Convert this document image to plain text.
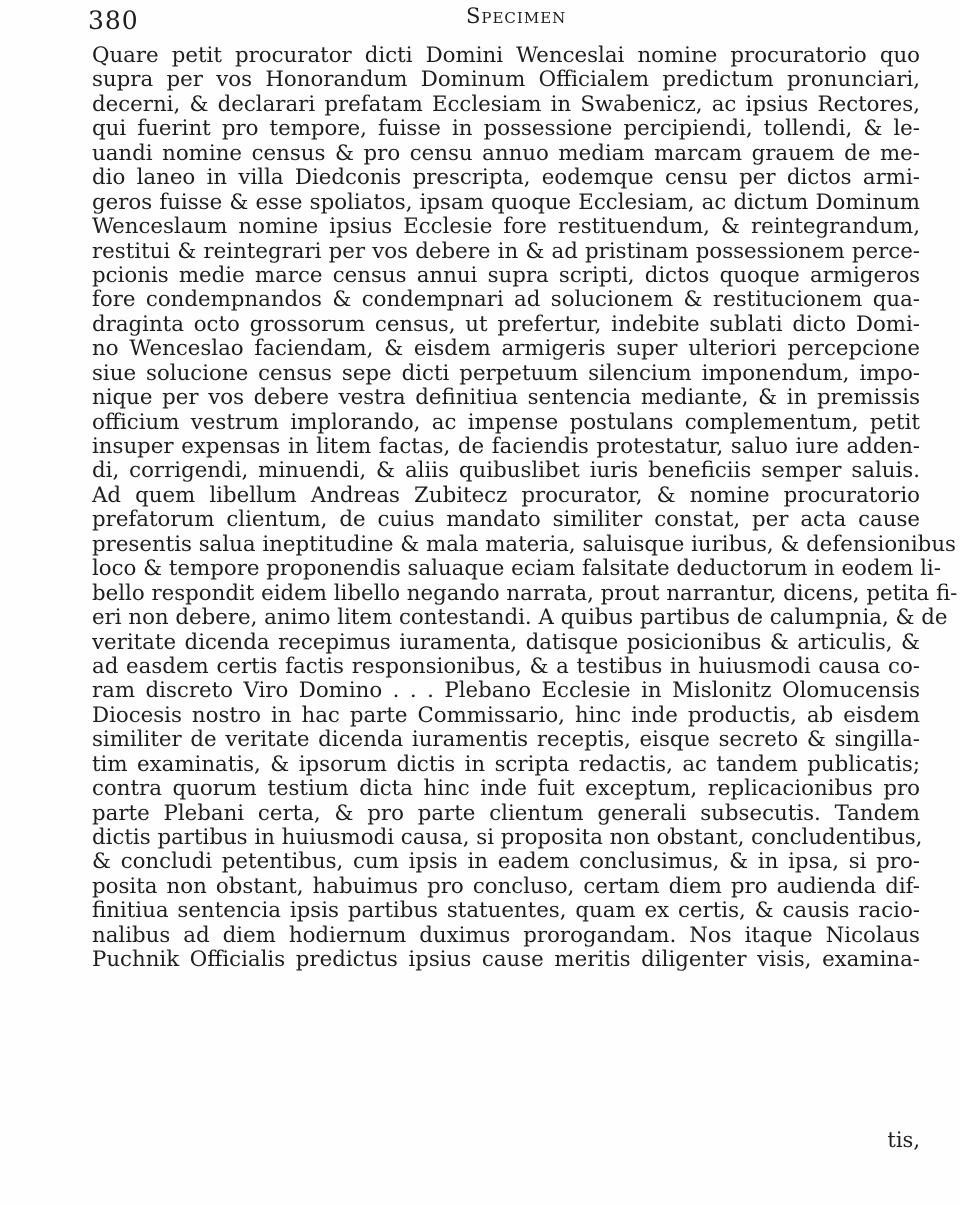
380	Specimen
Quare petit procurator dicti Domini Wenceslai nomine procuratorio quo
supra per vos Honorandum Dominum Officialem predictum pronunciari,
decerni, & declarari prefatam Ecclesiam in Swabenicz, ac ipsius Rectores,
qui fuerint pro tempore, fuisse in possessione percipiendi, tollendi, & le-
uandi nomine census & pro censu annuo mediam marcam grauem de me-
dio laneo in villa Diedconis prescripta, eodemque censu per dictos armi-
geros fuisse & esse spoliatos, ipsam quoque Ecclesiam, ac dictum Dominum
Wenceslaum nomine ipsius Ecclesie fore restituendum, & reintegrandum,
restitui & reintegrari per vos debere in & ad pristinam possessionem perce-
pcionis medie marce census annui supra scripti, dictos quoque armigeros
fore condempnandos & condempnari ad solucionem & restitucionem qua-
draginta octo grossorum census, ut prefertur, indebite sublati dicto Domi-
no Wenceslao faciendam, & eisdem armigeris super ulteriori percepcione
siue solucione census sepe dicti perpetuum silencium imponendum, impo-
nique per vos debere vestra definitiua sentencia mediante, & in premissis
officium vestrum implorando, ac impense postulans complementum, petit
insuper expensas in litem factas, de faciendis protestatur, saluo iure adden-
di, corrigendi, minuendi, & aliis quibuslibet iuris beneficiis semper saluis.
Ad quem libellum Andreas Zubitecz procurator, & nomine procuratorio
prefatorum clientum, de cuius mandato similiter constat, per acta cause
presentis salua ineptitudine & mala materia, saluisque iuribus, & defensionibus
loco & tempore proponendis saluaque eciam falsitate deductorum in eodem li-
bello respondit eidem libello negando narrata, prout narrantur, dicens, petita fi-
eri non debere, animo litem contestandi. A quibus partibus de calumpnia, & de
veritate dicenda recepimus iuramenta, datisque posicionibus & articulis, &
ad easdem certis factis responsionibus, & a testibus in huiusmodi causa co-
ram discreto Viro Domino . . . Plebano Ecclesie in Mislonitz Olomucensis
Diocesis nostro in hac parte Commissario, hinc inde productis, ab eisdem
similiter de veritate dicenda iuramentis receptis, eisque secreto & singilla-
tim examinatis, & ipsorum dictis in scripta redactis, ac tandem publicatis;
contra quorum testium dicta hinc inde fuit exceptum, replicacionibus pro
parte Plebani certa, & pro parte clientum generali subsecutis. Tandem
dictis partibus in huiusmodi causa, si proposita non obstant, concludentibus,
& concludi petentibus, cum ipsis in eadem conclusimus, & in ipsa, si pro-
posita non obstant, habuimus pro concluso, certam diem pro audienda dif-
finitiua sentencia ipsis partibus statuentes, quam ex certis, & causis racio-
nalibus ad diem hodiernum duximus prorogandam. Nos itaque Nicolaus
Puchnik Officialis predictus ipsius cause meritis diligenter visis, examina-
tis,
